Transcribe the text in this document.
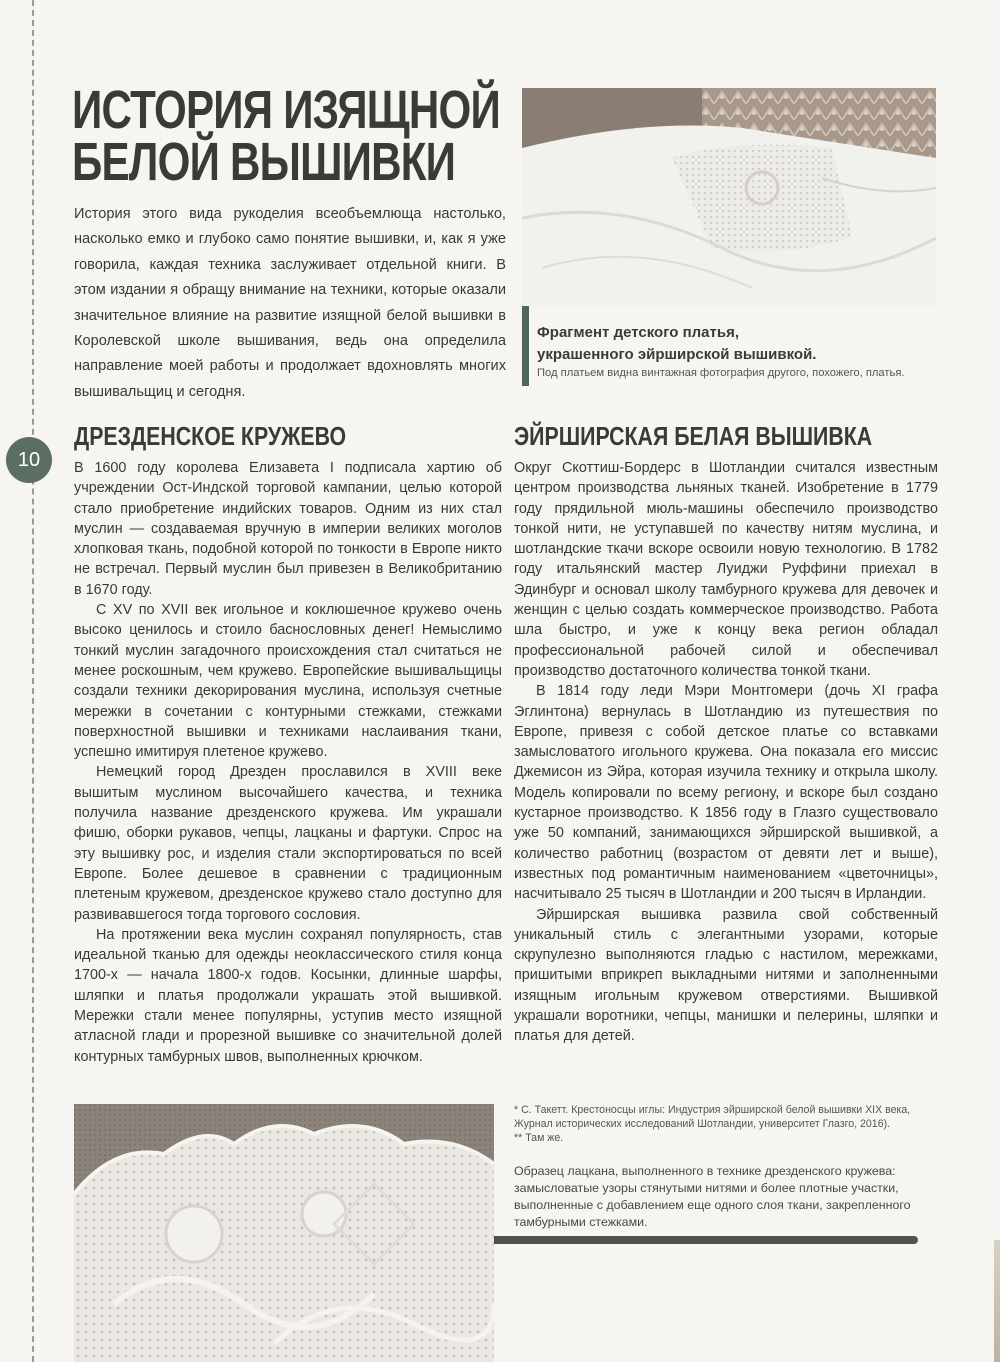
ИСТОРИЯ ИЗЯЩНОЙ
БЕЛОЙ ВЫШИВКИ

История этого вида рукоделия всеобъемлюща настолько, насколько емко и глубоко само понятие вышивки, и, как я уже говорила, каждая техника заслуживает отдельной книги. В этом издании я обращу внимание на техники, которые оказали значительное влияние на развитие изящной белой вышивки в Королевской школе вышивания, ведь она определила направление моей работы и продолжает вдохновлять многих вышивальщиц и сегодня.

Фрагмент детского платья,
украшенного эйрширской вышивкой.

Под платьем видна винтажная фотография другого, похожего, платья.

10
ДРЕЗДЕНСКОЕ КРУЖЕВО	ЭЙРШИРСКАЯ БЕЛАЯ ВЫШИВКА

В 1600 году королева Елизавета I подписала хартию об учреждении Ост-Индской торговой кампании, целью которой стало приобретение индийских товаров. Одним из них стал муслин — создаваемая вручную в империи великих моголов хлопковая ткань, подобной которой по тонкости в Европе никто не встречал. Первый муслин был привезен в Великобританию в 1670 году.

С XV по XVII век игольное и коклюшечное кружево очень высоко ценилось и стоило баснословных денег! Немыслимо тонкий муслин загадочного происхождения стал считаться не менее роскошным, чем кружево. Европейские вышивальщицы создали техники декорирования муслина, используя счетные мережки в сочетании с контурными стежками, стежками поверхностной вышивки и техниками наслаивания ткани, успешно имитируя плетеное кружево.

Немецкий город Дрезден прославился в XVIII веке вышитым муслином высочайшего качества, и техника получила название дрезденского кружева. Им украшали фишю, оборки рукавов, чепцы, лацканы и фартуки. Спрос на эту вышивку рос, и изделия стали экспортироваться по всей Европе. Более дешевое в сравнении с традиционным плетеным кружевом, дрезденское кружево стало доступно для развивавшегося тогда торгового сословия.

На протяжении века муслин сохранял популярность, став идеальной тканью для одежды неоклассического стиля конца 1700-х — начала 1800-х годов. Косынки, длинные шарфы, шляпки и платья продолжали украшать этой вышивкой. Мережки стали менее популярны, уступив место изящной атласной глади и прорезной вышивке со значительной долей контурных тамбурных швов, выполненных крючком.

Округ Скоттиш-Бордерс в Шотландии считался известным центром производства льняных тканей. Изобретение в 1779 году прядильной мюль-машины обеспечило производство тонкой нити, не уступавшей по качеству нитям муслина, и шотландские ткачи вскоре освоили новую технологию. В 1782 году итальянский мастер Луиджи Руффини приехал в Эдинбург и основал школу тамбурного кружева для девочек и женщин с целью создать коммерческое производство. Работа шла быстро, и уже к концу века регион обладал профессиональной рабочей силой и обеспечивал производство достаточного количества тонкой ткани.

В 1814 году леди Мэри Монтгомери (дочь XI графа Эглинтона) вернулась в Шотландию из путешествия по Европе, привезя с собой детское платье со вставками замысловатого игольного кружева. Она показала его миссис Джемисон из Эйра, которая изучила технику и открыла школу. Модель копировали по всему региону, и вскоре был создано кустарное производство. К 1856 году в Глазго существовало уже 50 компаний, занимающихся эйрширской вышивкой, а количество работниц (возрастом от девяти лет и выше), известных под романтичным наименованием «цветочницы», насчитывало 25 тысяч в Шотландии и 200 тысяч в Ирландии.

Эйрширская вышивка развила свой собственный уникальный стиль с элегантными узорами, которые скрупулезно выполняются гладью с настилом, мережками, пришитыми вприкреп выкладными нитями и заполненными изящным игольным кружевом отверстиями. Вышивкой украшали воротники, чепцы, манишки и пелерины, шляпки и платья для детей.

* С. Такетт. Крестоносцы иглы: Индустрия эйрширской белой вышивки XIX века, Журнал исторических исследований Шотландии, университет Глазго, 2016).
** Там же.

Образец лацкана, выполненного в технике дрезденского кружева: замысловатые узоры стянутыми нитями и более плотные участки, выполненные с добавлением еще одного слоя ткани, закрепленного тамбурными стежками.
